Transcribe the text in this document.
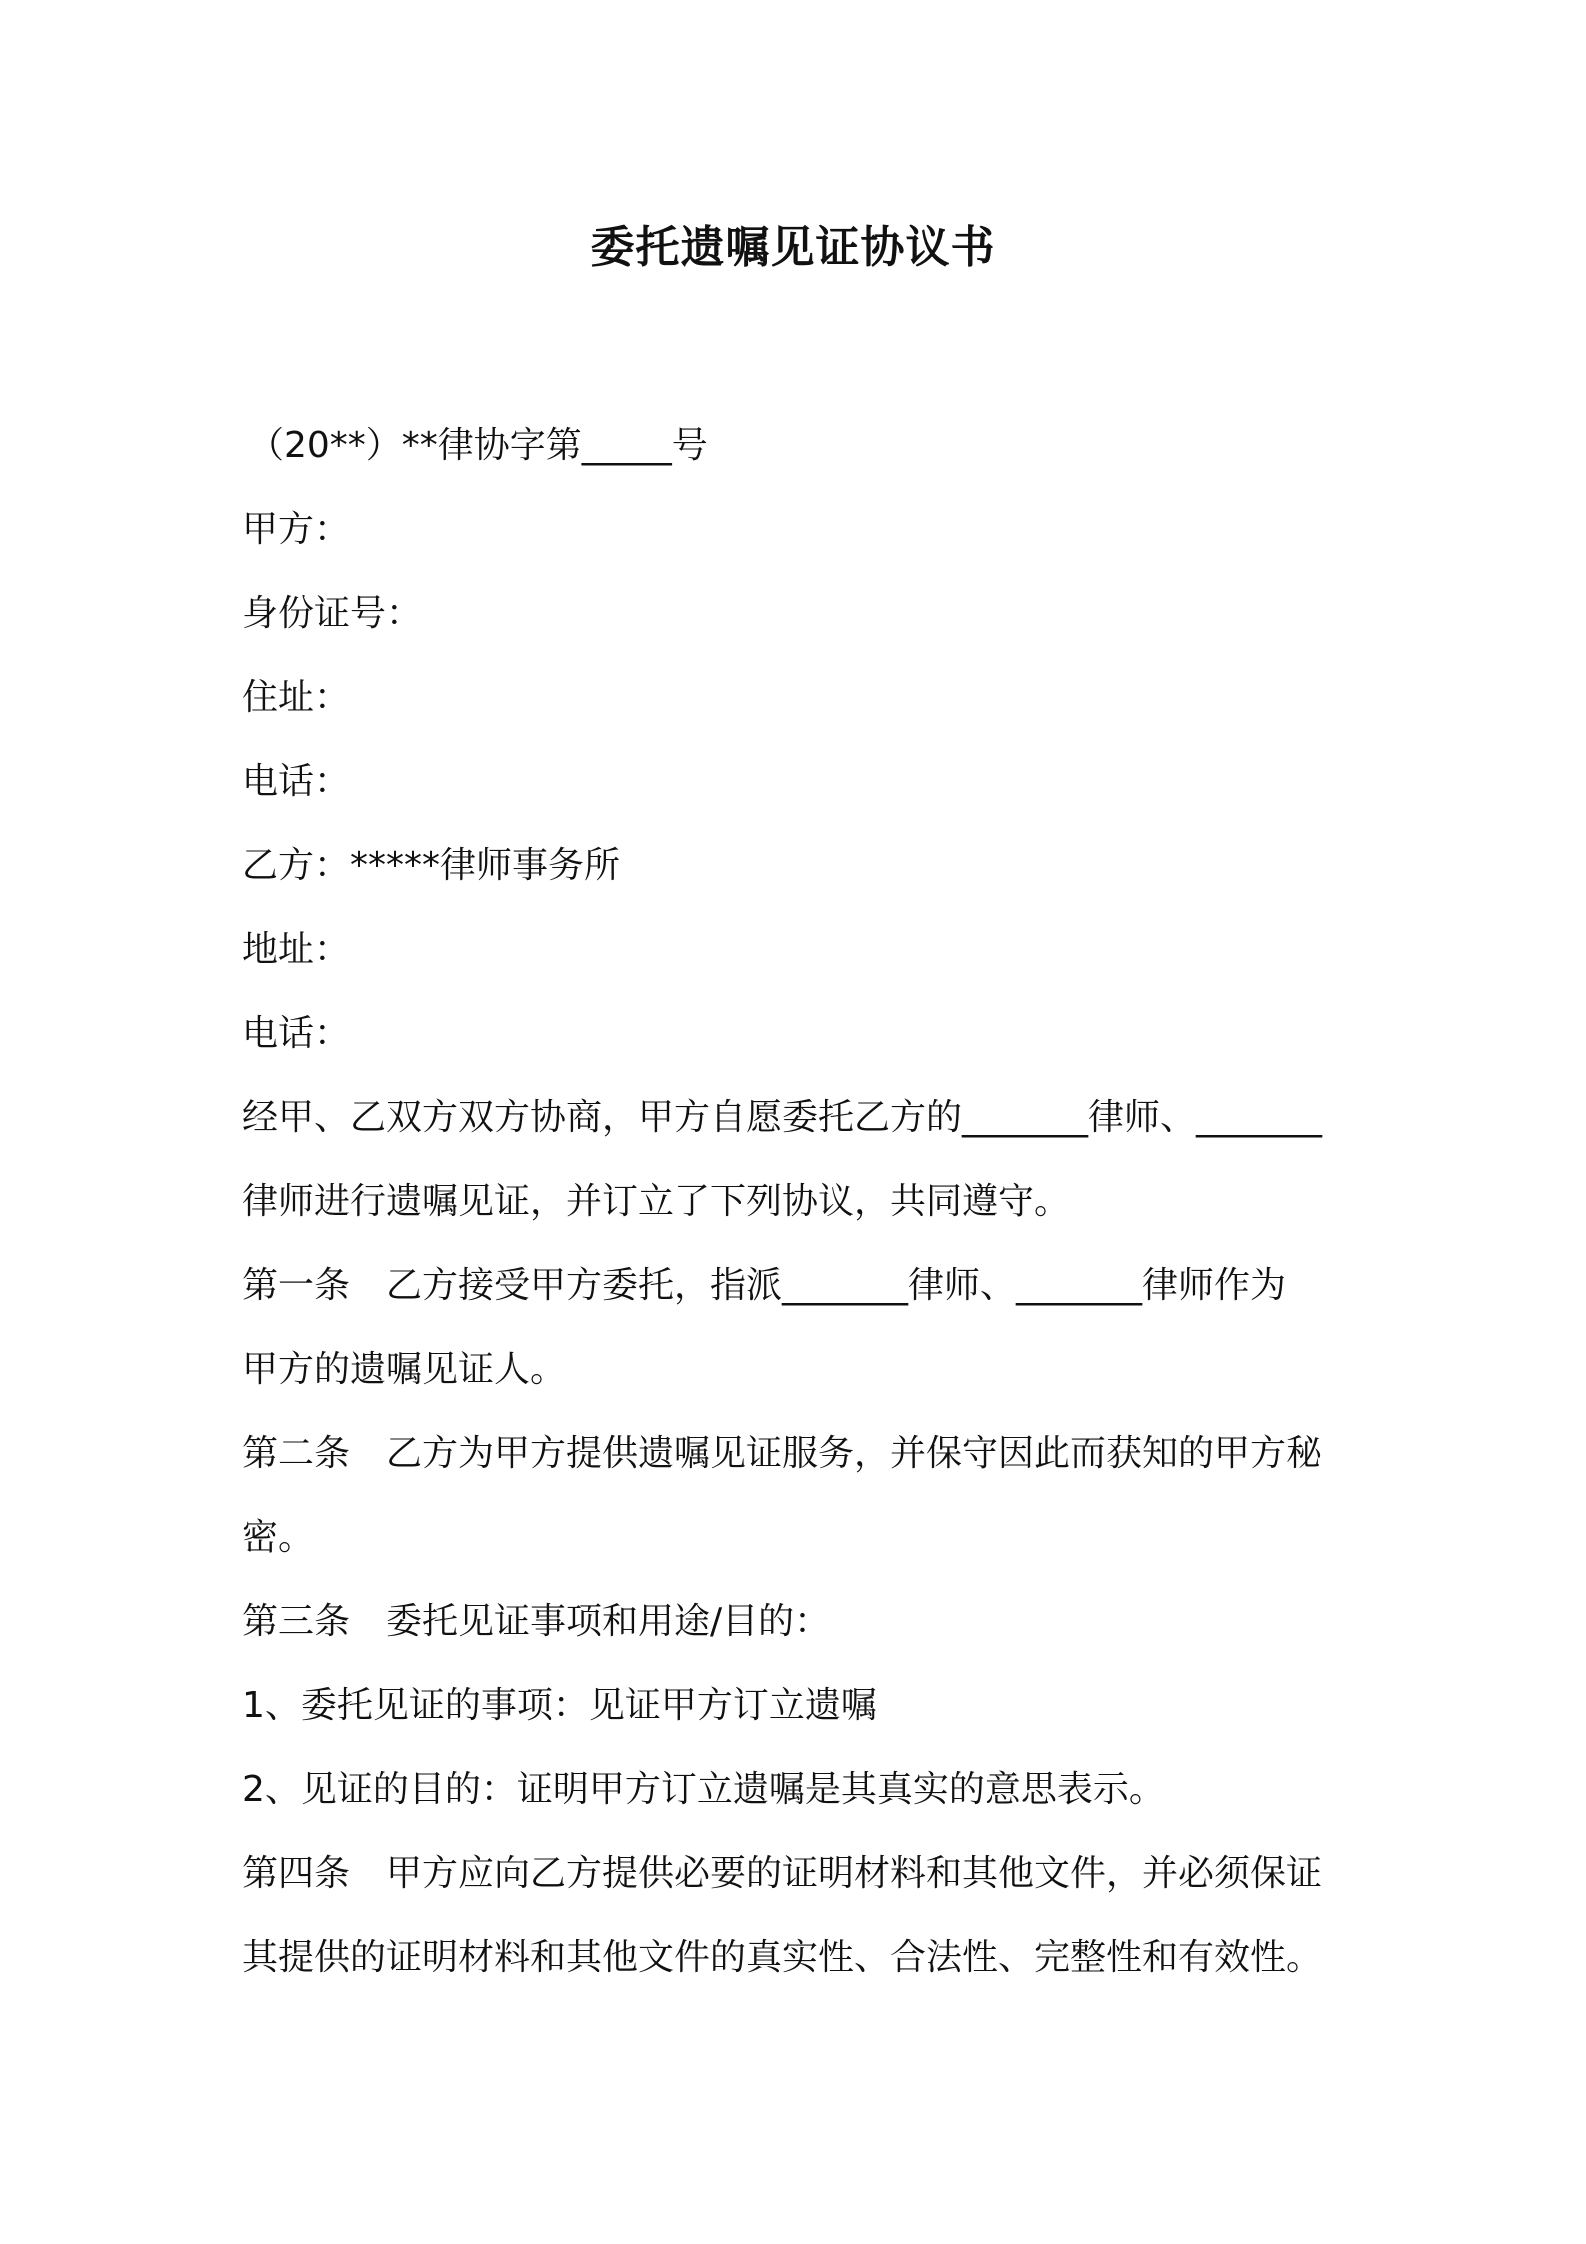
委托遗嘱见证协议书

（20**）**律协字第_____号

甲方：

身份证号：

住址：

电话：

乙方：*****律师事务所

地址：

电话：

经甲、乙双方双方协商，甲方自愿委托乙方的_______律师、_______

律师进行遗嘱见证，并订立了下列协议，共同遵守。

第一条　乙方接受甲方委托，指派_______律师、_______律师作为

甲方的遗嘱见证人。

第二条　乙方为甲方提供遗嘱见证服务，并保守因此而获知的甲方秘

密。

第三条　委托见证事项和用途/目的：

1、委托见证的事项：见证甲方订立遗嘱

2、见证的目的：证明甲方订立遗嘱是其真实的意思表示。

第四条　甲方应向乙方提供必要的证明材料和其他文件，并必须保证

其提供的证明材料和其他文件的真实性、合法性、完整性和有效性。
